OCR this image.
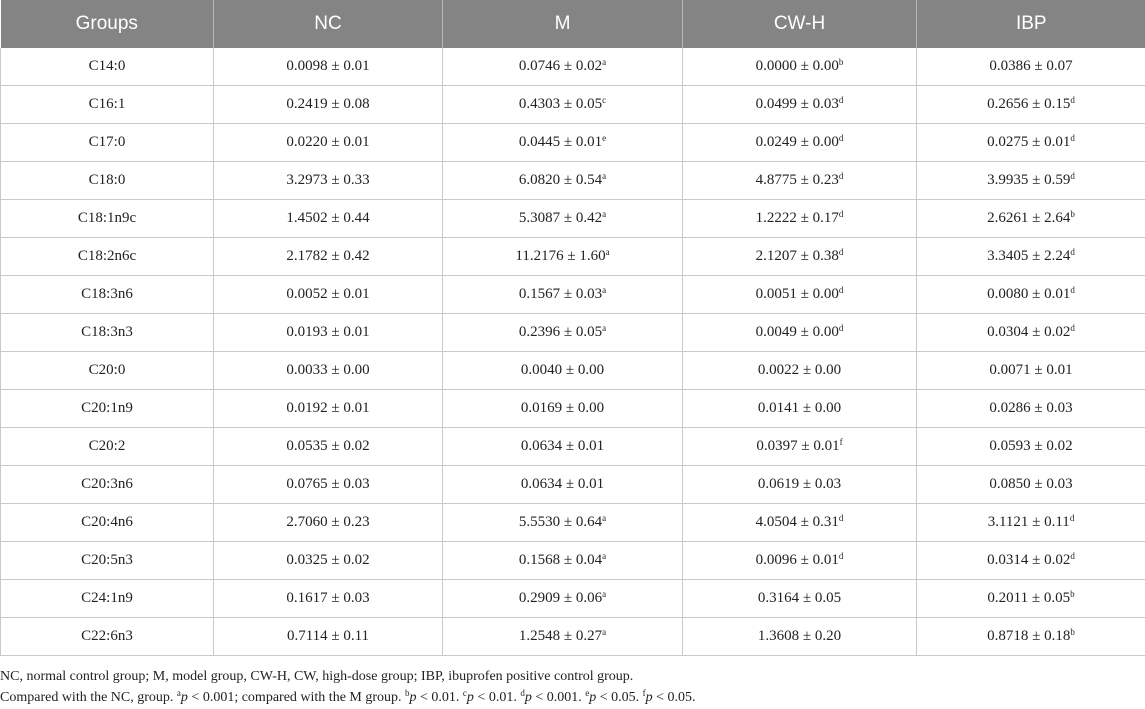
Groups	NC	M	CW-H	IBP
C14:0	0.0098 ± 0.01	0.0746 ± 0.02$^a$	0.0000 ± 0.00$^b$	0.0386 ± 0.07
C16:1	0.2419 ± 0.08	0.4303 ± 0.05$^c$	0.0499 ± 0.03$^d$	0.2656 ± 0.15$^d$
C17:0	0.0220 ± 0.01	0.0445 ± 0.01$^e$	0.0249 ± 0.00$^d$	0.0275 ± 0.01$^d$
C18:0	3.2973 ± 0.33	6.0820 ± 0.54$^a$	4.8775 ± 0.23$^d$	3.9935 ± 0.59$^d$
C18:1n9c	1.4502 ± 0.44	5.3087 ± 0.42$^a$	1.2222 ± 0.17$^d$	2.6261 ± 2.64$^b$
C18:2n6c	2.1782 ± 0.42	11.2176 ± 1.60$^a$	2.1207 ± 0.38$^d$	3.3405 ± 2.24$^d$
C18:3n6	0.0052 ± 0.01	0.1567 ± 0.03$^a$	0.0051 ± 0.00$^d$	0.0080 ± 0.01$^d$
C18:3n3	0.0193 ± 0.01	0.2396 ± 0.05$^a$	0.0049 ± 0.00$^d$	0.0304 ± 0.02$^d$
C20:0	0.0033 ± 0.00	0.0040 ± 0.00	0.0022 ± 0.00	0.0071 ± 0.01
C20:1n9	0.0192 ± 0.01	0.0169 ± 0.00	0.0141 ± 0.00	0.0286 ± 0.03
C20:2	0.0535 ± 0.02	0.0634 ± 0.01	0.0397 ± 0.01$^f$	0.0593 ± 0.02
C20:3n6	0.0765 ± 0.03	0.0634 ± 0.01	0.0619 ± 0.03	0.0850 ± 0.03
C20:4n6	2.7060 ± 0.23	5.5530 ± 0.64$^a$	4.0504 ± 0.31$^d$	3.1121 ± 0.11$^d$
C20:5n3	0.0325 ± 0.02	0.1568 ± 0.04$^a$	0.0096 ± 0.01$^d$	0.0314 ± 0.02$^d$
C24:1n9	0.1617 ± 0.03	0.2909 ± 0.06$^a$	0.3164 ± 0.05	0.2011 ± 0.05$^b$
C22:6n3	0.7114 ± 0.11	1.2548 ± 0.27$^a$	1.3608 ± 0.20	0.8718 ± 0.18$^b$

NC, normal control group; M, model group, CW-H, CW, high-dose group; IBP, ibuprofen positive control group.

Compared with the NC, group. $^a$p < 0.001; compared with the M group. $^b$p < 0.01. $^c$p < 0.01. $^d$p < 0.001. $^e$p < 0.05. $^f$p < 0.05.
